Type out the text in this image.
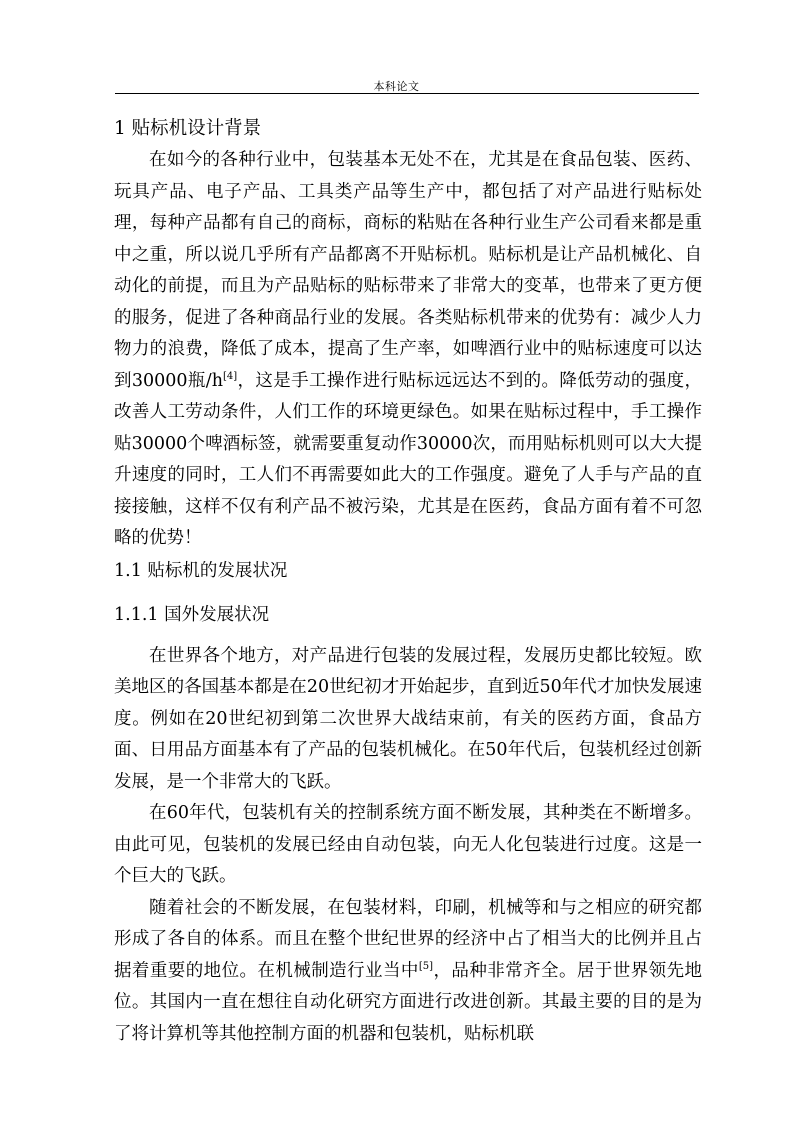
本科论文
1 贴标机设计背景

在如今的各种行业中，包装基本无处不在，尤其是在食品包装、医药、玩具产品、电子产品、工具类产品等生产中，都包括了对产品进行贴标处理，每种产品都有自己的商标，商标的粘贴在各种行业生产公司看来都是重中之重，所以说几乎所有产品都离不开贴标机。贴标机是让产品机械化、自动化的前提，而且为产品贴标的贴标带来了非常大的变革，也带来了更方便的服务，促进了各种商品行业的发展。各类贴标机带来的优势有：减少人力物力的浪费，降低了成本，提高了生产率，如啤酒行业中的贴标速度可以达到30000瓶/h[4]，这是手工操作进行贴标远远达不到的。降低劳动的强度，改善人工劳动条件，人们工作的环境更绿色。如果在贴标过程中，手工操作贴30000个啤酒标签，就需要重复动作30000次，而用贴标机则可以大大提升速度的同时，工人们不再需要如此大的工作强度。避免了人手与产品的直接接触，这样不仅有利产品不被污染，尤其是在医药，食品方面有着不可忽略的优势！

1.1 贴标机的发展状况
1.1.1 国外发展状况

在世界各个地方，对产品进行包装的发展过程，发展历史都比较短。欧美地区的各国基本都是在20世纪初才开始起步，直到近50年代才加快发展速度。例如在20世纪初到第二次世界大战结束前，有关的医药方面，食品方面、日用品方面基本有了产品的包装机械化。在50年代后，包装机经过创新发展，是一个非常大的飞跃。

在60年代，包装机有关的控制系统方面不断发展，其种类在不断增多。由此可见，包装机的发展已经由自动包装，向无人化包装进行过度。这是一个巨大的飞跃。

随着社会的不断发展，在包装材料，印刷，机械等和与之相应的研究都形成了各自的体系。而且在整个世纪世界的经济中占了相当大的比例并且占据着重要的地位。在机械制造行业当中[5]，品种非常齐全。居于世界领先地位。其国内一直在想往自动化研究方面进行改进创新。其最主要的目的是为了将计算机等其他控制方面的机器和包装机，贴标机联
